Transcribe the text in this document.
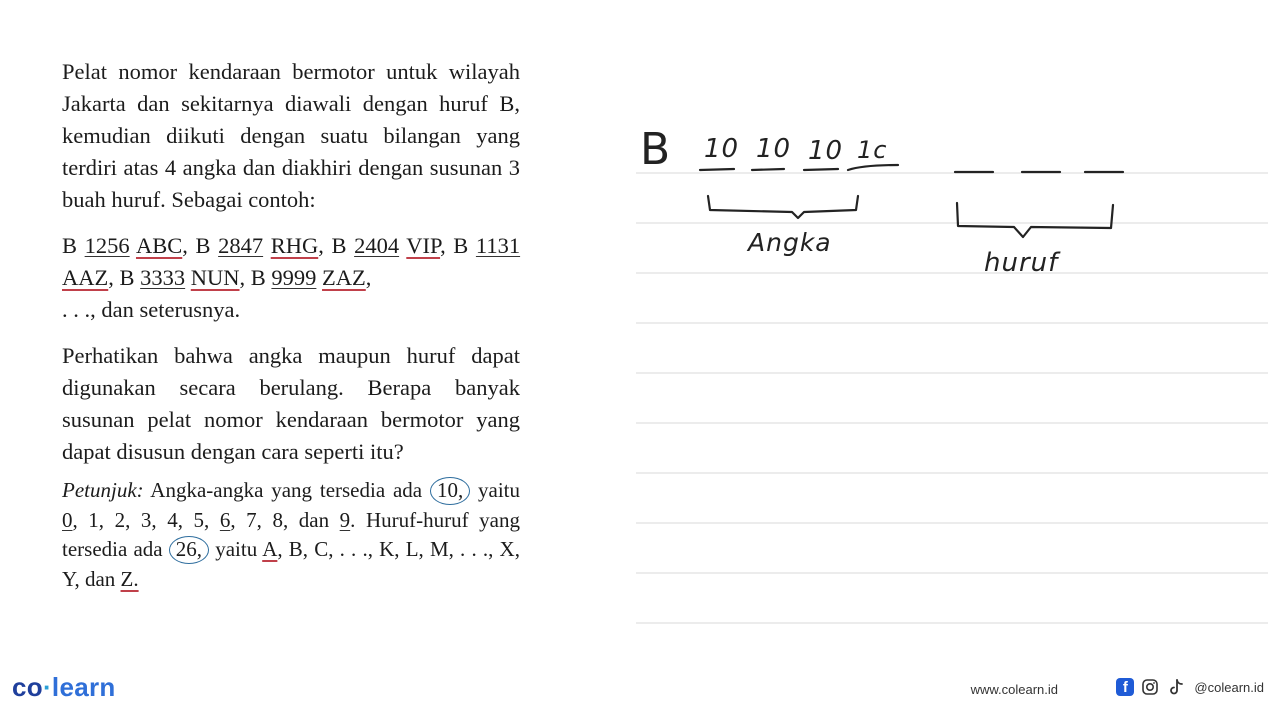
Pelat nomor kendaraan bermotor untuk wilayah Jakarta dan sekitarnya diawali dengan huruf B, kemudian diikuti dengan suatu bilangan yang terdiri atas 4 angka dan diakhiri dengan susunan 3 buah huruf. Sebagai contoh:

B 1256 ABC, B 2847 RHG, B 2404 VIP, B 1131 AAZ, B 3333 NUN, B 9999 ZAZ,
. . ., dan seterusnya.

Perhatikan bahwa angka maupun huruf dapat digunakan secara berulang. Berapa banyak susunan pelat nomor kendaraan bermotor yang dapat disusun dengan cara seperti itu?

Petunjuk: Angka-angka yang tersedia ada 10, yaitu 0, 1, 2, 3, 4, 5, 6, 7, 8, dan 9. Huruf-huruf yang tersedia ada 26, yaitu A, B, C, . . ., K, L, M, . . ., X, Y, dan Z.

B 10 10 10 1c
Angka
huruf
co·learn	www.colearn.id	f	@colearn.id
